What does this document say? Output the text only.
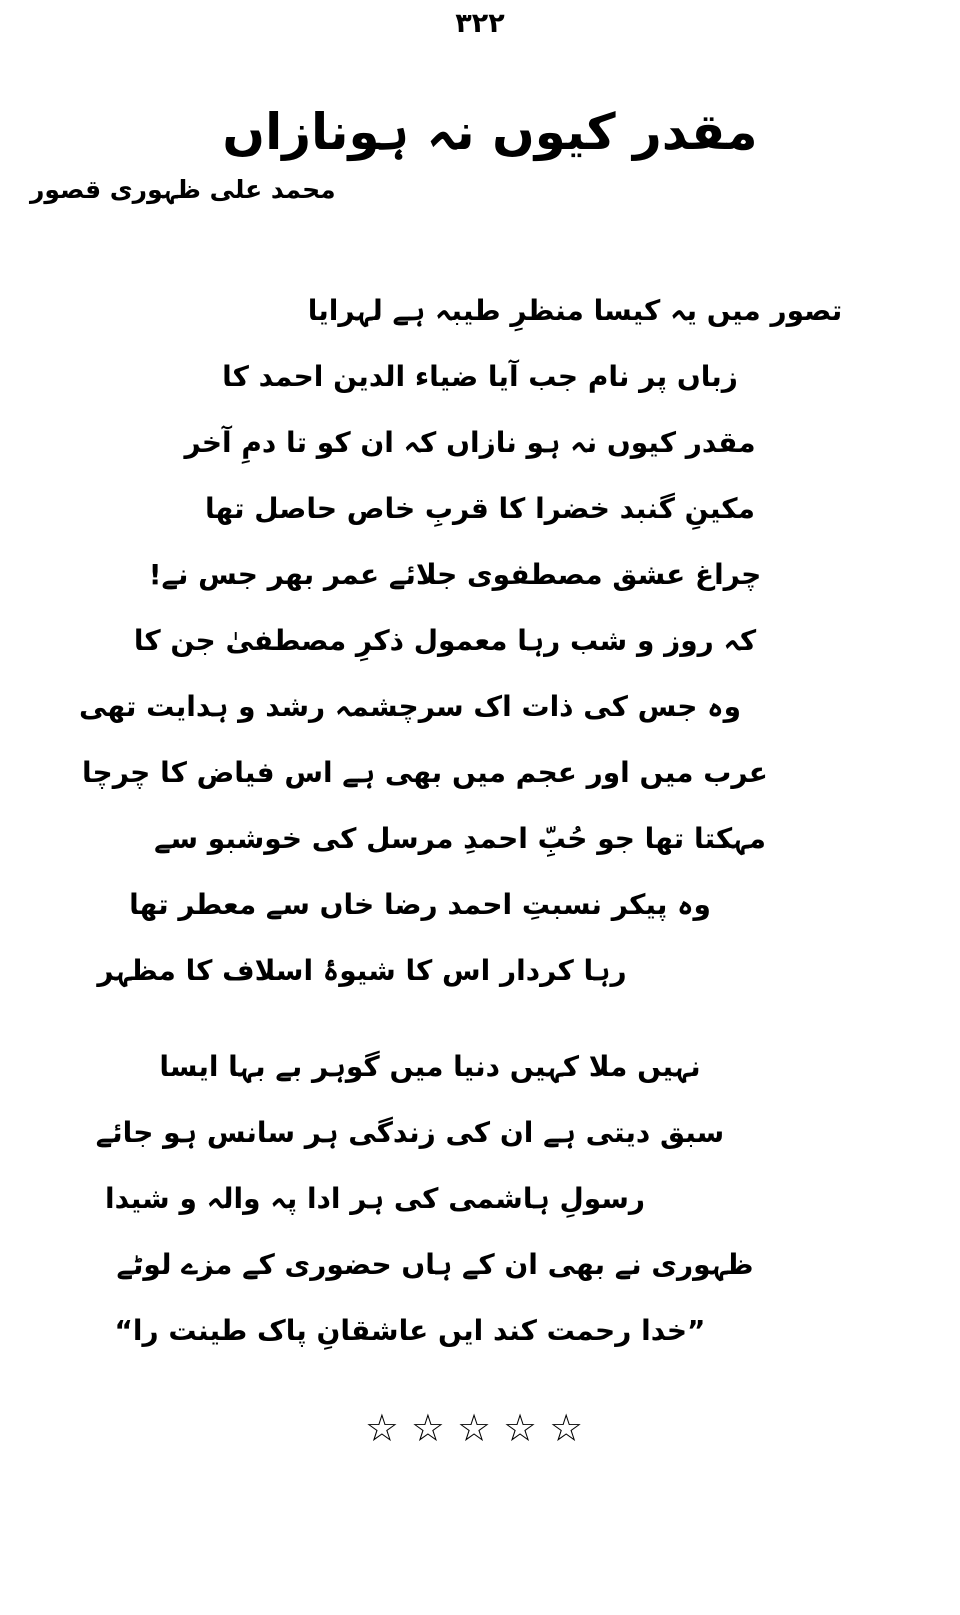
۳۲۲
مقدر کیوں نہ ہونازاں
محمد علی ظہوری قصور
تصور میں یہ کیسا منظرِ طیبہ ہے لہرایا
زباں پر نام جب آیا ضیاء الدین احمد کا
مقدر کیوں نہ ہو نازاں کہ ان کو تا دمِ آخر
مکینِ گنبد خضرا کا قربِ خاص حاصل تھا
چراغ عشق مصطفوی جلائے عمر بھر جس نے!
کہ روز و شب رہا معمول ذکرِ مصطفیٰ جن کا
وہ جس کی ذات اک سرچشمہ رشد و ہدایت تھی
عرب میں اور عجم میں بھی ہے اس فیاض کا چرچا
مہکتا تھا جو حُبِّ احمدِ مرسل کی خوشبو سے
وہ پیکر نسبتِ احمد رضا خاں سے معطر تھا
رہا کردار اس کا شیوۂ اسلاف کا مظہر
نہیں ملا کہیں دنیا میں گوہر بے بہا ایسا
سبق دیتی ہے ان کی زندگی ہر سانس ہو جائے
رسولِ ہاشمی کی ہر ادا پہ والہ و شیدا
ظہوری نے بھی ان کے ہاں حضوری کے مزے لوٹے
”خدا رحمت کند ایں عاشقانِ پاک طینت را“
☆☆☆☆☆
